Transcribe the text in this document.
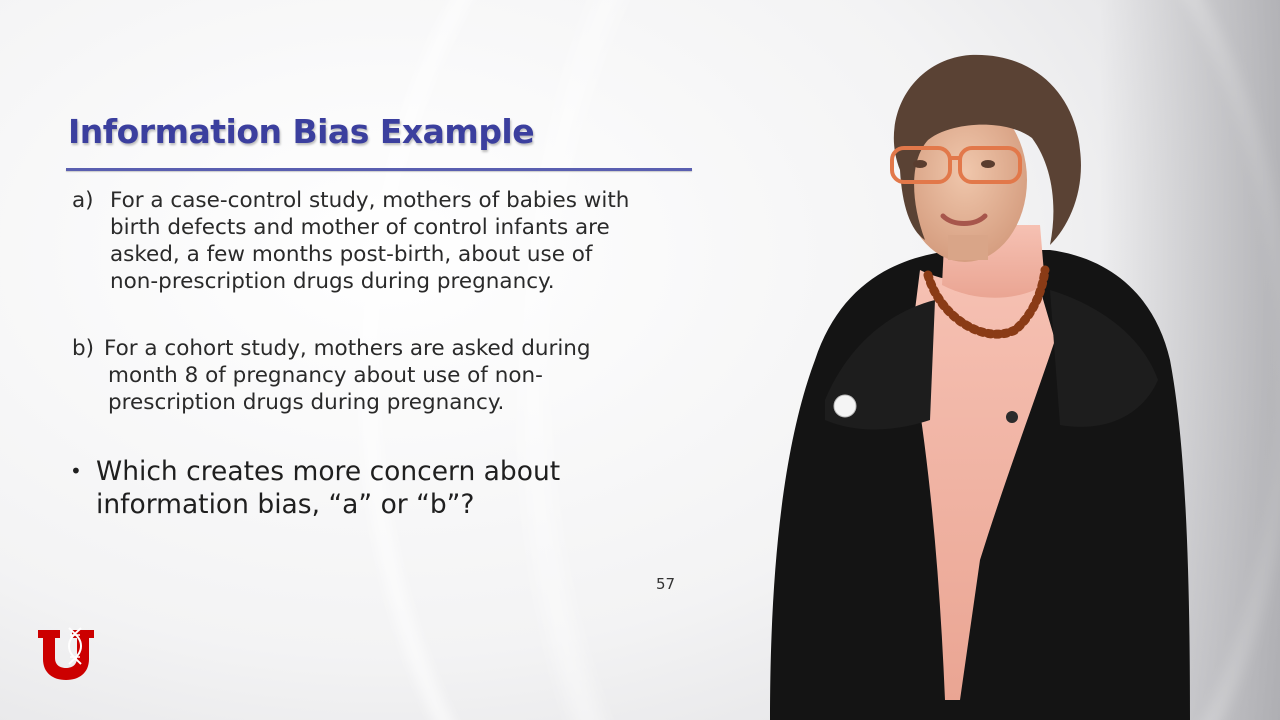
Information Bias Example
a) For a case-control study, mothers of babies with
birth defects and mother of control infants are
asked, a few months post-birth, about use of
non-prescription drugs during pregnancy.
b) For a cohort study, mothers are asked during
month 8 of pregnancy about use of non-
prescription drugs during pregnancy.
• Which creates more concern about
information bias, “a” or “b”?
57
